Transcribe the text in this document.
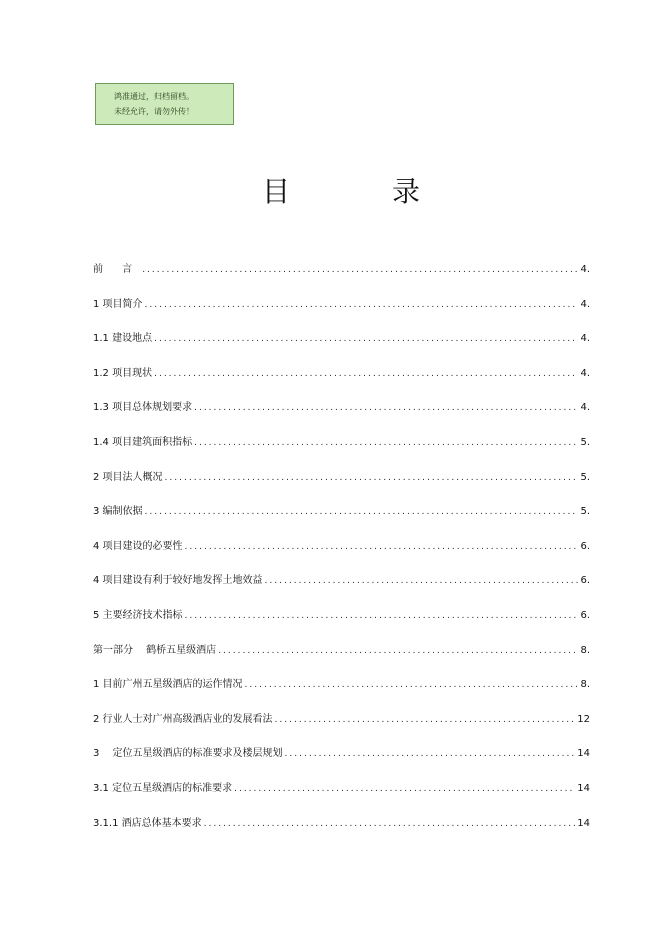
鸿准通过，归档留档。
未经允许，请勿外传！
目	录
前 言 .....	4.
1 项目简介 .....	4.
1.1 建设地点 .....	4.
1.2 项目现状 .....	4.
1.3 项目总体规划要求 .....	4.
1.4 项目建筑面积指标 .....	5.
2 项目法人概况 .....	5.
3 编制依据 .....	5.
4 项目建设的必要性 .....	6.
4 项目建设有利于较好地发挥土地效益 .....	6.
5 主要经济技术指标 .....	6.
第一部分 鹤桥五星级酒店 .....	8.
1 目前广州五星级酒店的运作情况 .....	8.
2 行业人士对广州高级酒店业的发展看法 .....	12
3 定位五星级酒店的标准要求及楼层规划 .....	14
3.1 定位五星级酒店的标准要求 .....	14
3.1.1 酒店总体基本要求 .....	14
